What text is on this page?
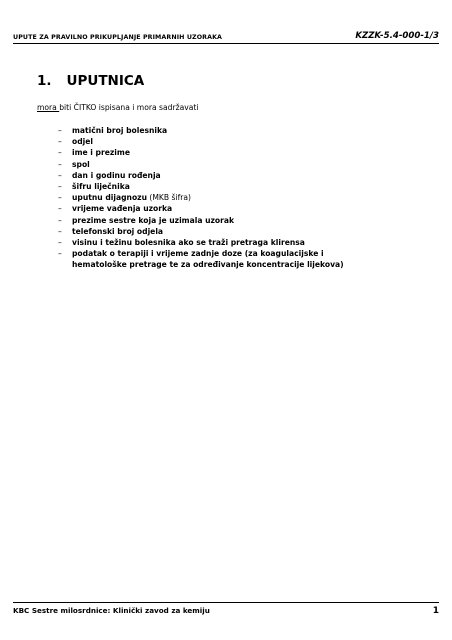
UPUTE ZA PRAVILNO PRIKUPLJANJE PRIMARNIH UZORAKA	KZZK-5.4-000-1/3
1. UPUTNICA
mora biti ČITKO ispisana i mora sadržavati
–	matični broj bolesnika
–	odjel
–	ime i prezime
–	spol
–	dan i godinu rođenja
–	šifru liječnika
–	uputnu dijagnozu (MKB šifra)
–	vrijeme vađenja uzorka
–	prezime sestre koja je uzimala uzorak
–	telefonski broj odjela
–	visinu i težinu bolesnika ako se traži pretraga klirensa
–	podatak o terapiji i vrijeme zadnje doze (za koagulacijske i hematološke pretrage te za određivanje koncentracije lijekova)
KBC Sestre milosrdnice: Klinički zavod za kemiju	1
